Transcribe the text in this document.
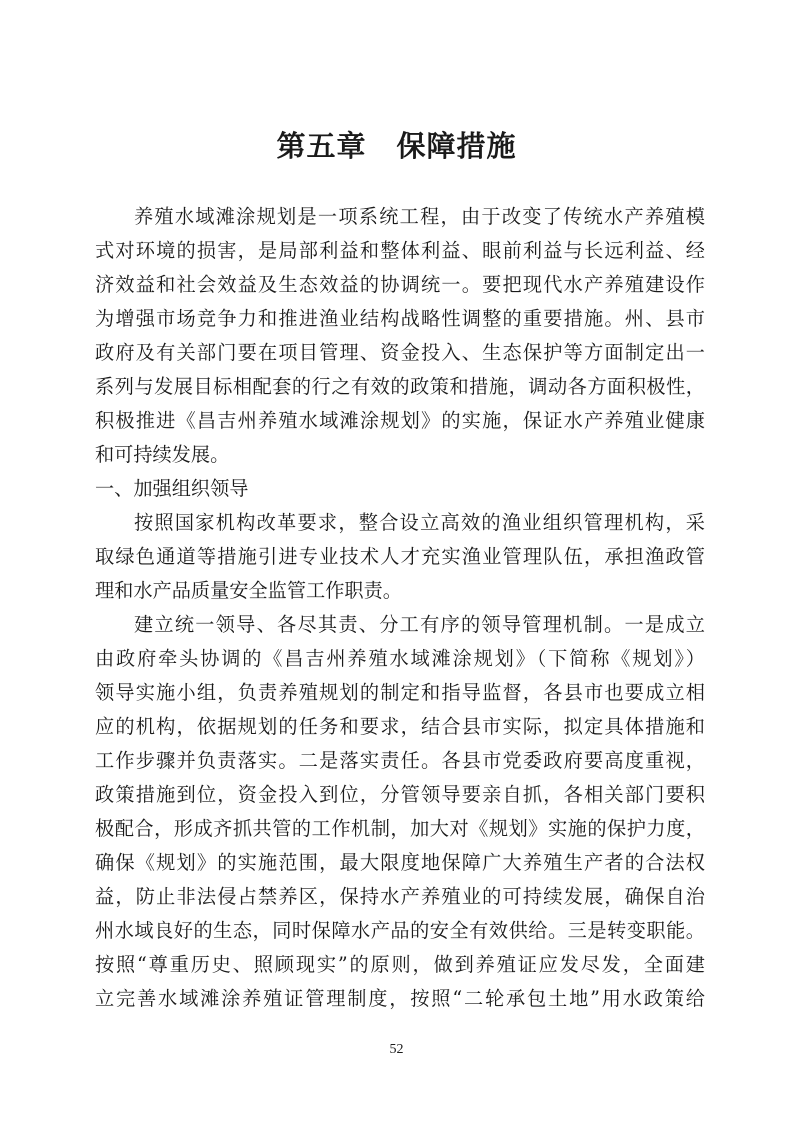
第五章　保障措施
养殖水域滩涂规划是一项系统工程，由于改变了传统水产养殖模
式对环境的损害，是局部利益和整体利益、眼前利益与长远利益、经
济效益和社会效益及生态效益的协调统一。要把现代水产养殖建设作
为增强市场竞争力和推进渔业结构战略性调整的重要措施。州、县市
政府及有关部门要在项目管理、资金投入、生态保护等方面制定出一
系列与发展目标相配套的行之有效的政策和措施，调动各方面积极性，
积极推进《昌吉州养殖水域滩涂规划》的实施，保证水产养殖业健康
和可持续发展。
一、加强组织领导
按照国家机构改革要求，整合设立高效的渔业组织管理机构，采
取绿色通道等措施引进专业技术人才充实渔业管理队伍，承担渔政管
理和水产品质量安全监管工作职责。
建立统一领导、各尽其责、分工有序的领导管理机制。一是成立
由政府牵头协调的《昌吉州养殖水域滩涂规划》（下简称《规划》）
领导实施小组，负责养殖规划的制定和指导监督，各县市也要成立相
应的机构，依据规划的任务和要求，结合县市实际，拟定具体措施和
工作步骤并负责落实。二是落实责任。各县市党委政府要高度重视，
政策措施到位，资金投入到位，分管领导要亲自抓，各相关部门要积
极配合，形成齐抓共管的工作机制，加大对《规划》实施的保护力度，
确保《规划》的实施范围，最大限度地保障广大养殖生产者的合法权
益，防止非法侵占禁养区，保持水产养殖业的可持续发展，确保自治
州水域良好的生态，同时保障水产品的安全有效供给。三是转变职能。
按照“尊重历史、照顾现实”的原则，做到养殖证应发尽发，全面建
立完善水域滩涂养殖证管理制度，按照“二轮承包土地”用水政策给
52
